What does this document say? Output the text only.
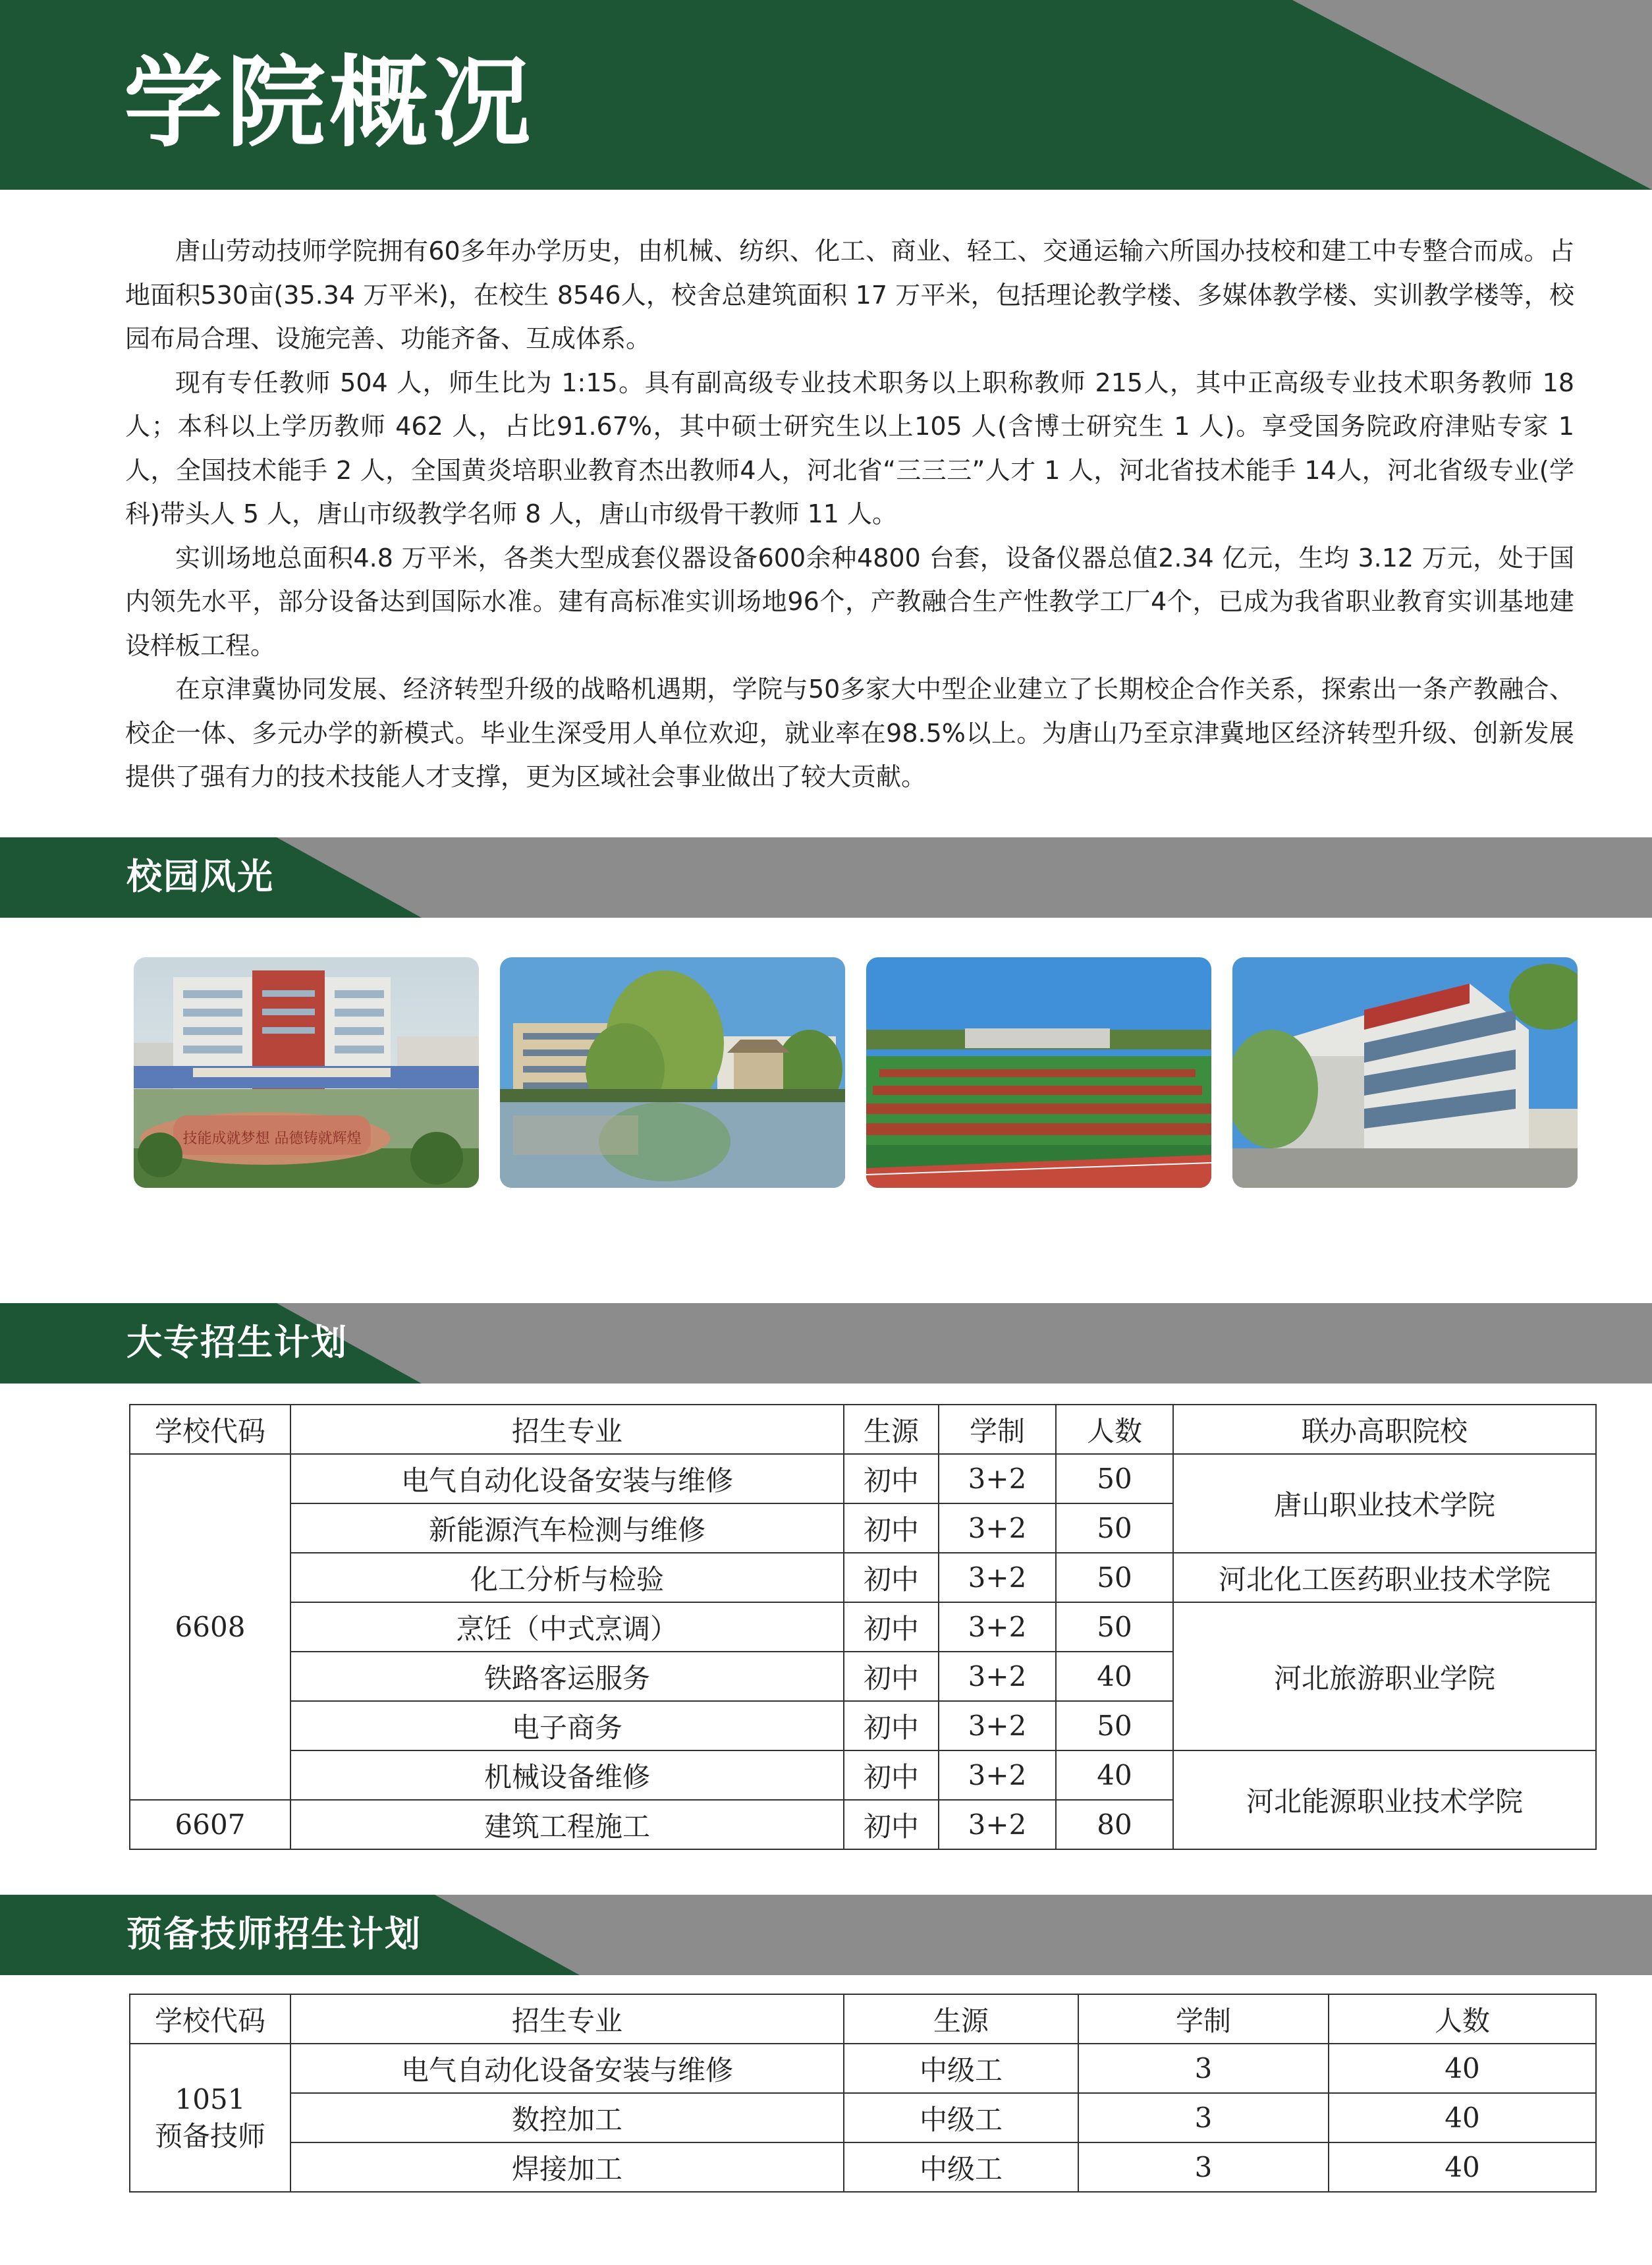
学院概况

唐山劳动技师学院拥有60多年办学历史，由机械、纺织、化工、商业、轻工、交通运输六所国办技校和建工中专整合而成。占地面积530亩(35.34 万平米)，在校生 8546人，校舍总建筑面积 17 万平米，包括理论教学楼、多媒体教学楼、实训教学楼等，校园布局合理、设施完善、功能齐备、互成体系。

现有专任教师 504 人，师生比为 1:15。具有副高级专业技术职务以上职称教师 215人，其中正高级专业技术职务教师 18 人；本科以上学历教师 462 人，占比91.67%，其中硕士研究生以上105 人(含博士研究生 1 人)。享受国务院政府津贴专家 1 人，全国技术能手 2 人，全国黄炎培职业教育杰出教师4人，河北省“三三三”人才 1 人，河北省技术能手 14人，河北省级专业(学科)带头人 5 人，唐山市级教学名师 8 人，唐山市级骨干教师 11 人。

实训场地总面积4.8 万平米，各类大型成套仪器设备600余种4800 台套，设备仪器总值2.34 亿元，生均 3.12 万元，处于国内领先水平，部分设备达到国际水准。建有高标准实训场地96个，产教融合生产性教学工厂4个，已成为我省职业教育实训基地建设样板工程。

在京津冀协同发展、经济转型升级的战略机遇期，学院与50多家大中型企业建立了长期校企合作关系，探索出一条产教融合、校企一体、多元办学的新模式。毕业生深受用人单位欢迎，就业率在98.5%以上。为唐山乃至京津冀地区经济转型升级、创新发展提供了强有力的技术技能人才支撑，更为区域社会事业做出了较大贡献。

校园风光
技能成就梦想 品德铸就辉煌
大专招生计划
学校代码	招生专业	生源	学制	人数	联办高职院校
6608	电气自动化设备安装与维修	初中	3+2	50	唐山职业技术学院
	新能源汽车检测与维修	初中	3+2	50	
	化工分析与检验	初中	3+2	50	河北化工医药职业技术学院
	烹饪（中式烹调）	初中	3+2	50	河北旅游职业学院
	铁路客运服务	初中	3+2	40	
	电子商务	初中	3+2	50	
	机械设备维修	初中	3+2	40	河北能源职业技术学院
6607	建筑工程施工	初中	3+2	80	
预备技师招生计划
学校代码	招生专业	生源	学制	人数

1051
预备技师	电气自动化设备安装与维修	中级工	3	40
	数控加工	中级工	3	40
	焊接加工	中级工	3	40
